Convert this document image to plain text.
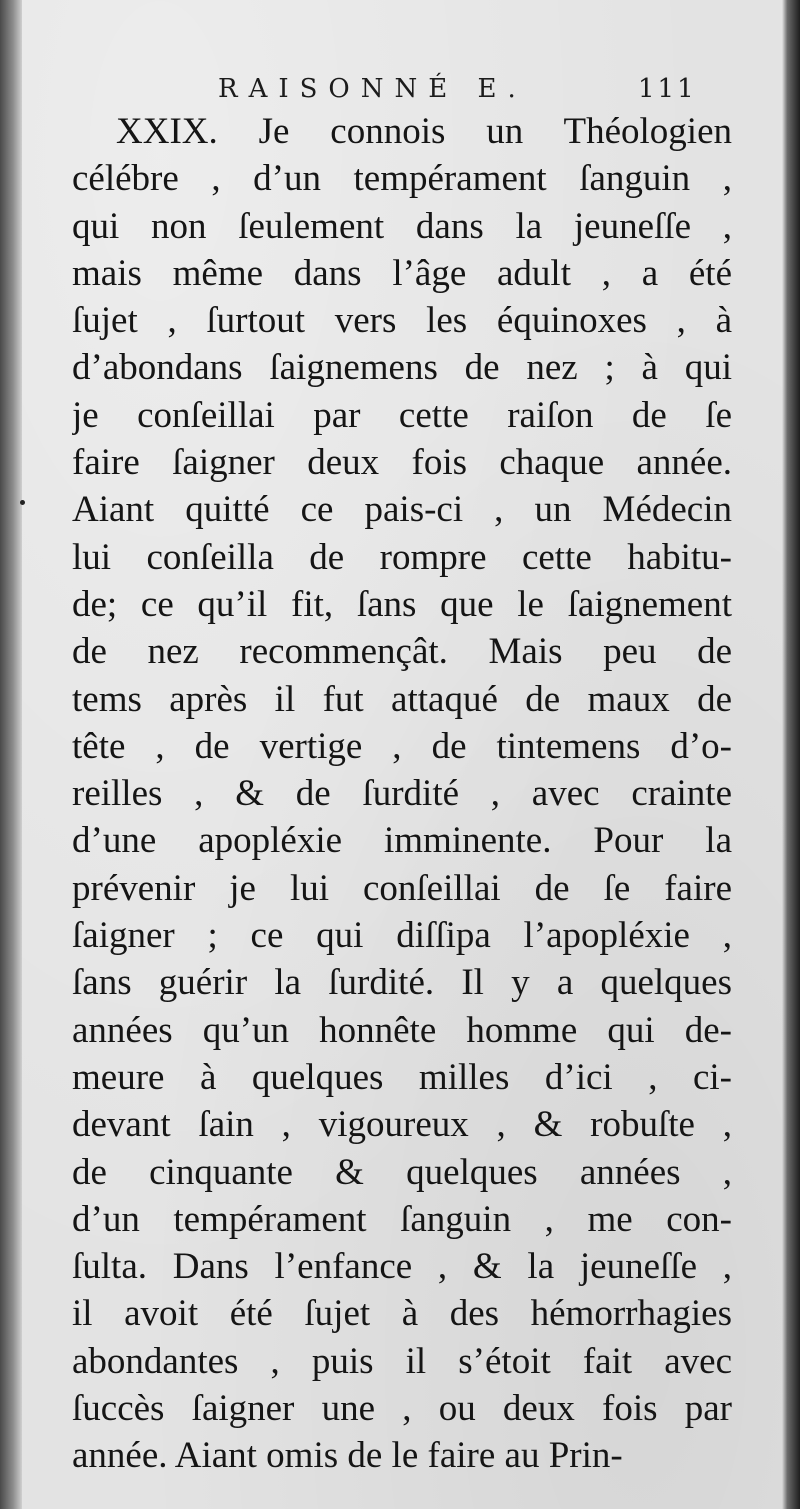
RAISONNÉ E.	111
XXIX. Je connois un Théologien
célébre , d’un tempérament ſanguin ,
qui non ſeulement dans la jeuneſſe ,
mais même dans l’âge adult , a été
ſujet , ſurtout vers les équinoxes , à
d’abondans ſaignemens de nez ; à qui
je conſeillai par cette raiſon de ſe
faire ſaigner deux fois chaque année.
Aiant quitté ce pais-ci , un Médecin
lui conſeilla de rompre cette habitu-
de; ce qu’il fit, ſans que le ſaignement
de nez recommençât. Mais peu de
tems après il fut attaqué de maux de
tête , de vertige , de tintemens d’o-
reilles , & de ſurdité , avec crainte
d’une apopléxie imminente. Pour la
prévenir je lui conſeillai de ſe faire
ſaigner ; ce qui diſſipa l’apopléxie ,
ſans guérir la ſurdité. Il y a quelques
années qu’un honnête homme qui de-
meure à quelques milles d’ici , ci-
devant ſain , vigoureux , & robuſte ,
de cinquante & quelques années ,
d’un tempérament ſanguin , me con-
ſulta. Dans l’enfance , & la jeuneſſe ,
il avoit été ſujet à des hémorrhagies
abondantes , puis il s’étoit fait avec
ſuccès ſaigner une , ou deux fois par
année. Aiant omis de le faire au Prin-
